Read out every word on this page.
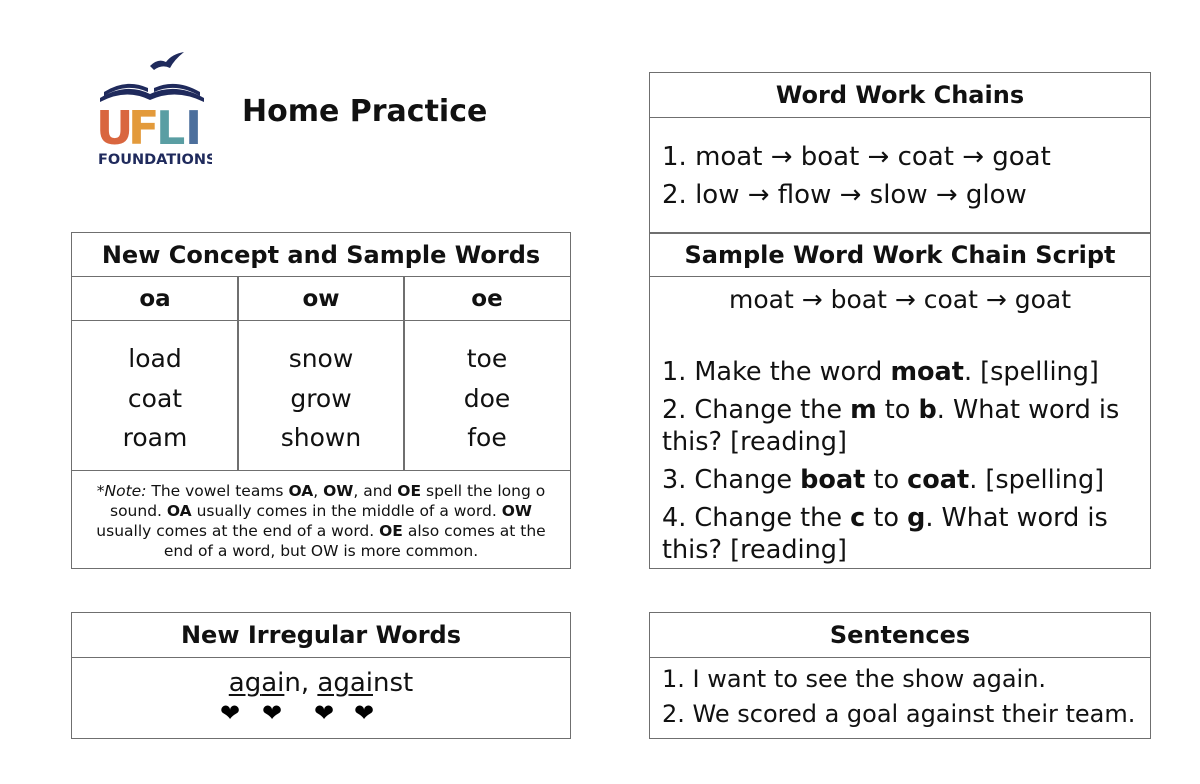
U
F
L I
FOUNDATIONS
Home Practice
New Concept and Sample Words
oa	ow	oe
load
coat
roam
snow
grow
shown
toe
doe
foe
*Note: The vowel teams OA, OW, and OE spell the long o sound. OA usually comes in the middle of a word. OW usually comes at the end of a word. OE also comes at the end of a word, but OW is more common.
New Irregular Words
again, against
❤ ❤ ❤ ❤
Word Work Chains
1. moat → boat → coat → goat
2. low → flow → slow → glow
Sample Word Work Chain Script
moat → boat → coat → goat
1. Make the word moat. [spelling]
2. Change the m to b. What word is this? [reading]
3. Change boat to coat. [spelling]
4. Change the c to g. What word is this? [reading]
Sentences
1. I want to see the show again.
2. We scored a goal against their team.
